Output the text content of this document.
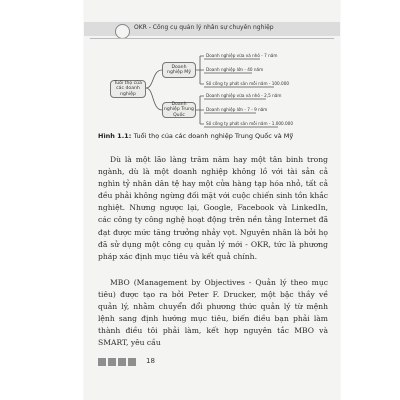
OKR - Công cụ quản lý nhân sự chuyên nghiệp
Tuổi thọ của các doanh nghiệp
Doanh nghiệp Mỹ
Doanh nghiệp Trung Quốc
Doanh nghiệp vừa và nhỏ - 7 năm
Doanh nghiệp lớn - 40 năm
Số công ty phát sản mỗi năm - 100.000
Doanh nghiệp vừa và nhỏ - 2,5 năm
Doanh nghiệp lớn - 7 - 9 năm
Số công ty phát sản mỗi năm - 1.000.000
Hình 1.1: Tuổi thọ của các doanh nghiệp Trung Quốc và Mỹ

Dù là một lão làng trăm năm hay một tân binh trong ngành, dù là một doanh nghiệp không lồ với tài sản cả nghìn tỷ nhân dân tệ hay một cửa hàng tạp hóa nhỏ, tất cả đều phải không ngừng đối mặt với cuộc chiến sinh tồn khắc nghiệt. Nhưng ngược lại, Google, Facebook và LinkedIn, các công ty công nghệ hoạt động trên nền tảng Internet đã đạt được mức tăng trưởng nhảy vọt. Nguyên nhân là bởi họ đã sử dụng một công cụ quản lý mới - OKR, tức là phương pháp xác định mục tiêu và kết quả chính.

MBO (Management by Objectives - Quản lý theo mục tiêu) được tạo ra bởi Peter F. Drucker, một bậc thầy về quản lý, nhằm chuyển đổi phương thức quản lý từ mệnh lệnh sang định hướng mục tiêu, biến điều bạn phải làm thành điều tôi phải làm, kết hợp nguyên tắc MBO và SMART, yêu cầu

18
